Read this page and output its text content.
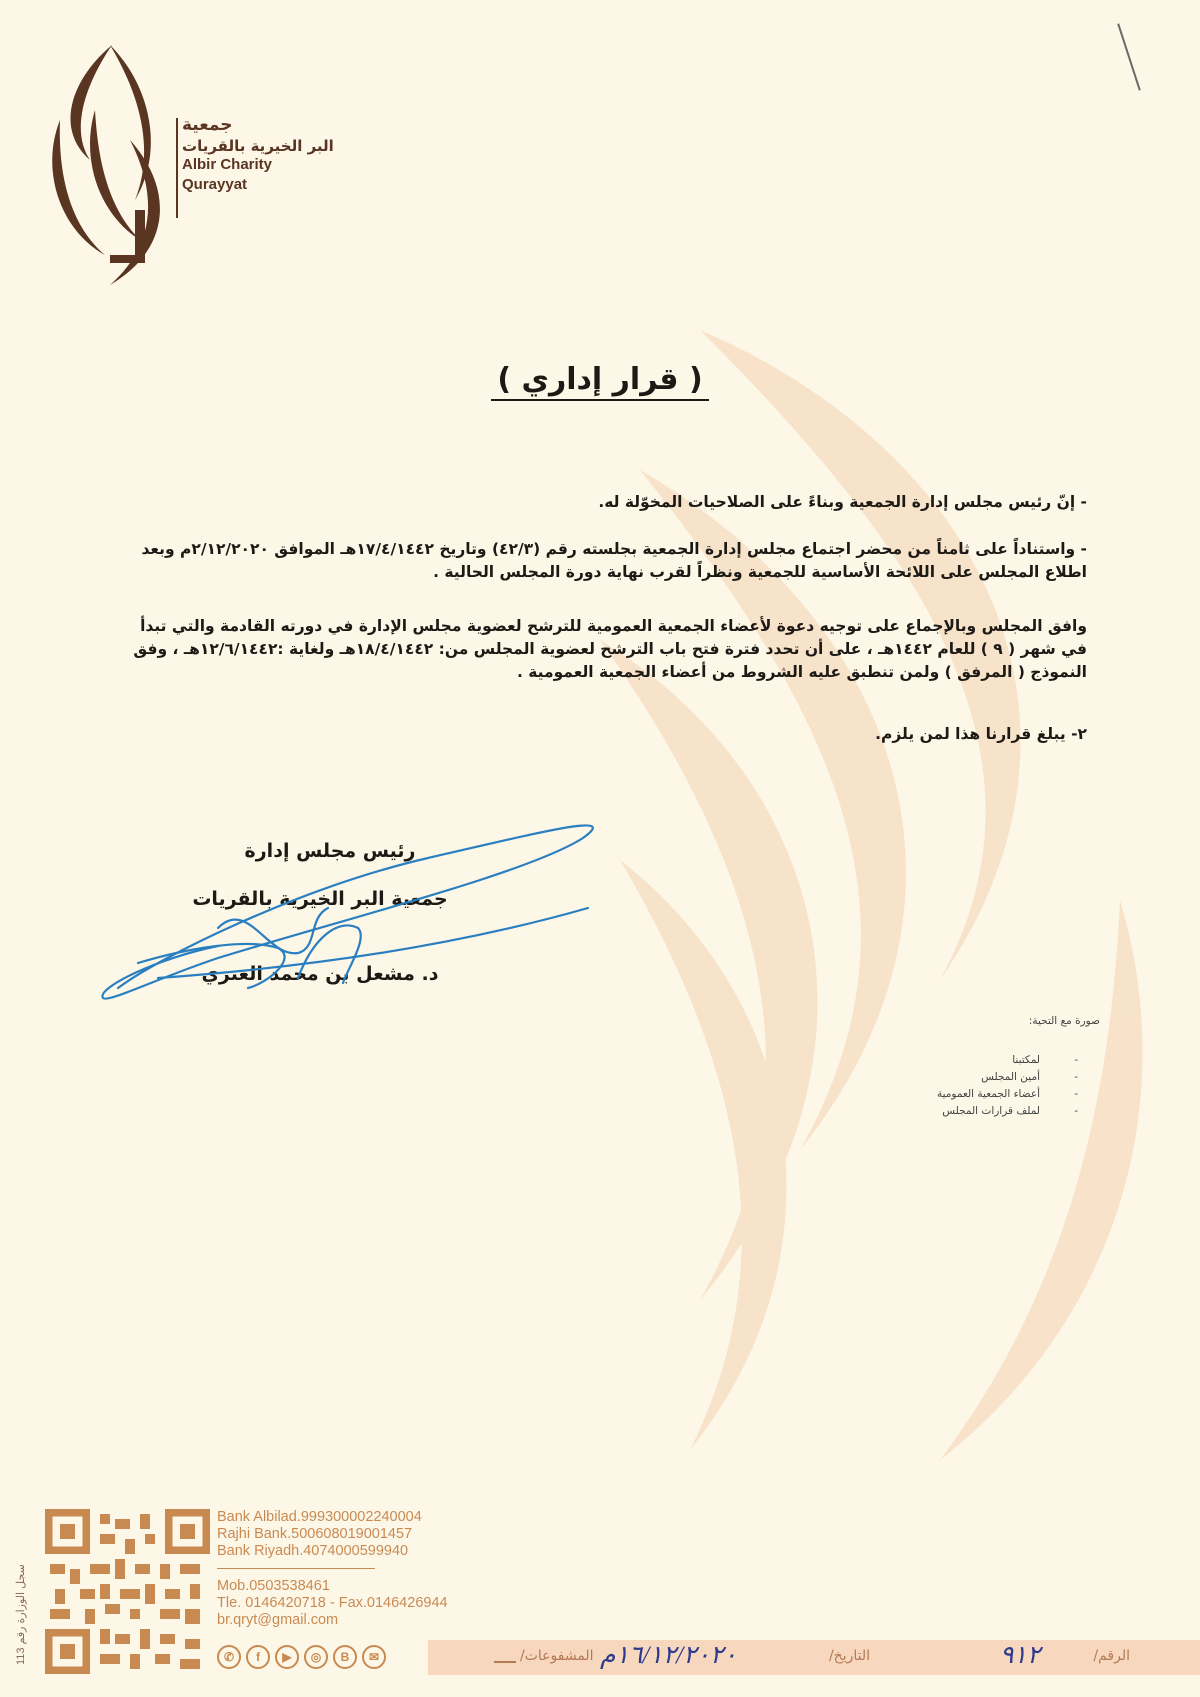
جمعية
البر الخيرية بالقريات
Albir Charity
Qurayyat
( قرار إداري )
- إنّ رئيس مجلس إدارة الجمعية وبناءً على الصلاحيات المخوّلة له.
- واستناداً على ثامناً من محضر اجتماع مجلس إدارة الجمعية بجلسته رقم (٤٢/٣) وتاريخ ١٧/٤/١٤٤٢هـ الموافق ٢/١٢/٢٠٢٠م وبعد اطلاع المجلس على اللائحة الأساسية للجمعية ونظراً لقرب نهاية دورة المجلس الحالية .
وافق المجلس وبالإجماع على توجيه دعوة لأعضاء الجمعية العمومية للترشح لعضوية مجلس الإدارة في دورته القادمة والتي تبدأ في شهر ( ٩ ) للعام ١٤٤٢هـ ، على أن تحدد فترة فتح باب الترشح لعضوية المجلس من: ١٨/٤/١٤٤٢هـ ولغاية :١٢/٦/١٤٤٢هـ ، وفق النموذج ( المرفق ) ولمن تنطبق عليه الشروط من أعضاء الجمعية العمومية .
٢- يبلغ قرارنا هذا لمن يلزم.
رئيس مجلس إدارة
جمعية البر الخيرية بالقريات
د. مشعل بن محمد العنزي
صورة مع التحية:
-
لمكتبنا
-
أمين المجلس
-
أعضاء الجمعية العمومية
-
لملف قرارات المجلس
سجل الوزارة رقم 113
Bank Albilad.999300002240004
Rajhi Bank.500608019001457
Bank Riyadh.4074000599940
Mob.0503538461
Tle. 0146420718 - Fax.0146426944
br.qryt@gmail.com
✆	f	▶	◎	B	✉	الرقم/
٩١٢
التاريخ/
١٦/١٢/٢٠٢٠م
المشفوعات/
